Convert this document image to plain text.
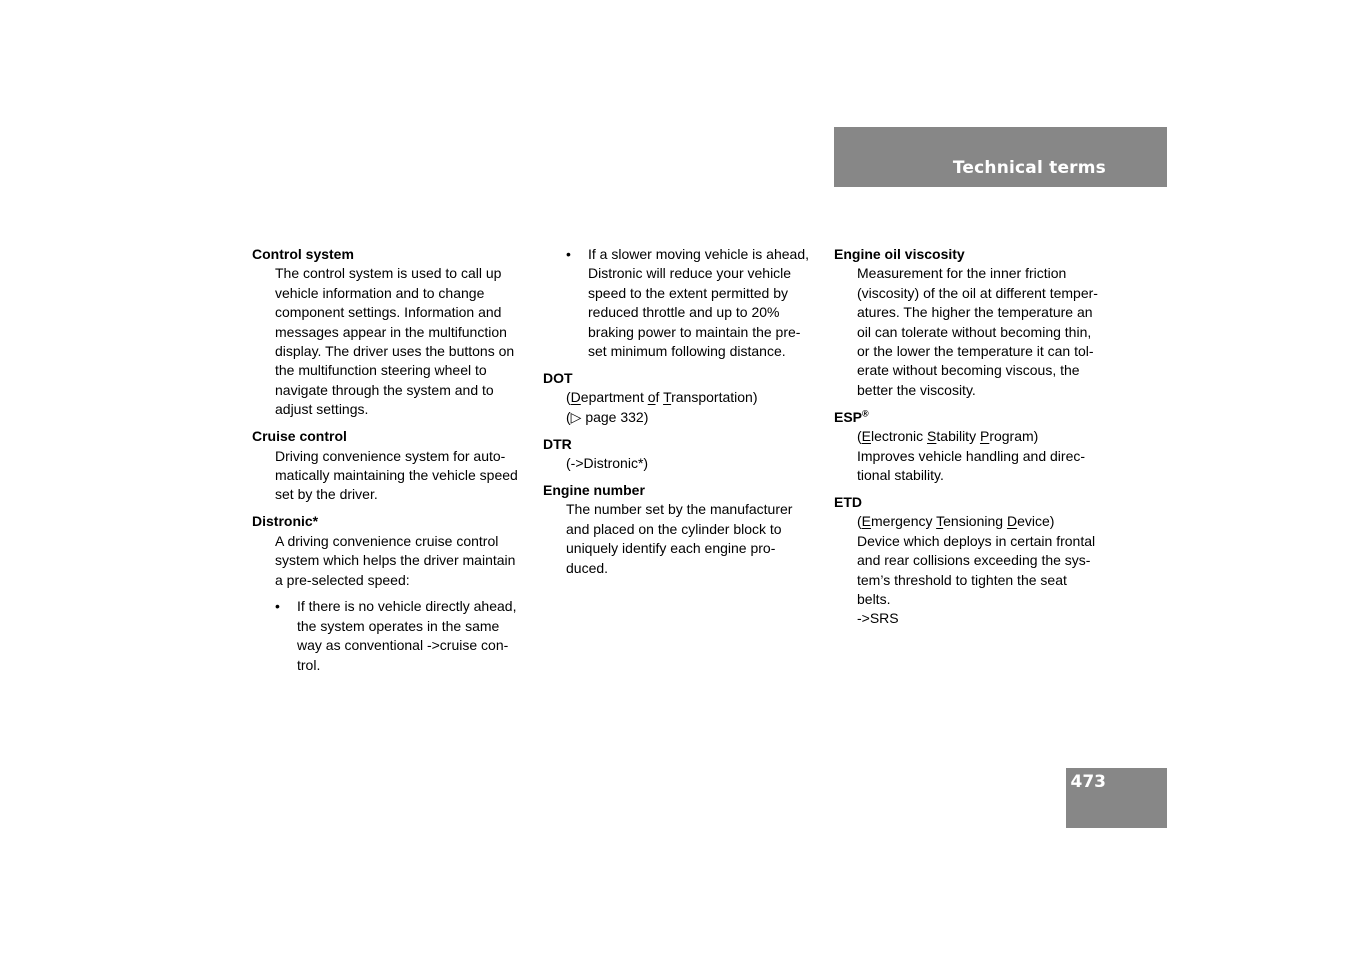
Technical terms

Control system

The control system is used to call up

vehicle information and to change

component settings. Information and

messages appear in the multifunction

display. The driver uses the buttons on

the multifunction steering wheel to

navigate through the system and to

adjust settings.

Cruise control

Driving convenience system for auto-

matically maintaining the vehicle speed

set by the driver.

Distronic*

A driving convenience cruise control

system which helps the driver maintain

a pre-selected speed:

• If there is no vehicle directly ahead,
the system operates in the same
way as conventional ->cruise con-
trol.
• If a slower moving vehicle is ahead,
Distronic will reduce your vehicle
speed to the extent permitted by
reduced throttle and up to 20%
braking power to maintain the pre-
set minimum following distance.

DOT

(Department of Transportation)

(▷ page 332)

DTR

(->Distronic*)

Engine number

The number set by the manufacturer

and placed on the cylinder block to

uniquely identify each engine pro-

duced.

Engine oil viscosity

Measurement for the inner friction

(viscosity) of the oil at different temper-

atures. The higher the temperature an

oil can tolerate without becoming thin,

or the lower the temperature it can tol-

erate without becoming viscous, the

better the viscosity.

ESP®

(Electronic Stability Program)

Improves vehicle handling and direc-

tional stability.

ETD

(Emergency Tensioning Device)

Device which deploys in certain frontal

and rear collisions exceeding the sys-

tem’s threshold to tighten the seat

belts.

->SRS

473
